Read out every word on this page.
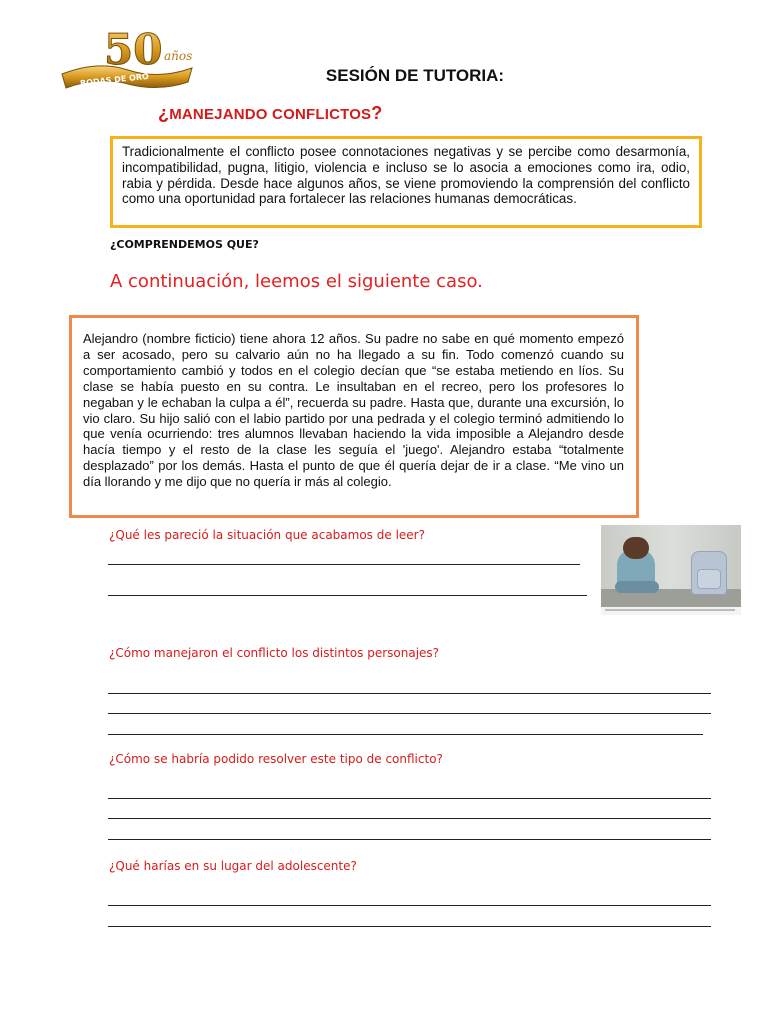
50 años
BODAS DE ORO	SESIÓN DE TUTORIA:
¿MANEJANDO CONFLICTOS?
Tradicionalmente el conflicto posee connotaciones negativas y se percibe como desarmonía, incompatibilidad, pugna, litigio, violencia e incluso se lo asocia a emociones como ira, odio, rabia y pérdida. Desde hace algunos años, se viene promoviendo la comprensión del conflicto como una oportunidad para fortalecer las relaciones humanas democráticas.
¿COMPRENDEMOS QUE?
A continuación, leemos el siguiente caso.
Alejandro (nombre ficticio) tiene ahora 12 años. Su padre no sabe en qué momento empezó a ser acosado, pero su calvario aún no ha llegado a su fin. Todo comenzó cuando su comportamiento cambió y todos en el colegio decían que “se estaba metiendo en líos. Su clase se había puesto en su contra. Le insultaban en el recreo, pero los profesores lo negaban y le echaban la culpa a él”, recuerda su padre. Hasta que, durante una excursión, lo vio claro. Su hijo salió con el labio partido por una pedrada y el colegio terminó admitiendo lo que venía ocurriendo: tres alumnos llevaban haciendo la vida imposible a Alejandro desde hacía tiempo y el resto de la clase les seguía el 'juego'. Alejandro estaba “totalmente desplazado” por los demás. Hasta el punto de que él quería dejar de ir a clase. “Me vino un día llorando y me dijo que no quería ir más al colegio.
¿Qué les pareció la situación que acabamos de leer?
¿Cómo manejaron el conflicto los distintos personajes?
¿Cómo se habría podido resolver este tipo de conflicto?
¿Qué harías en su lugar del adolescente?
